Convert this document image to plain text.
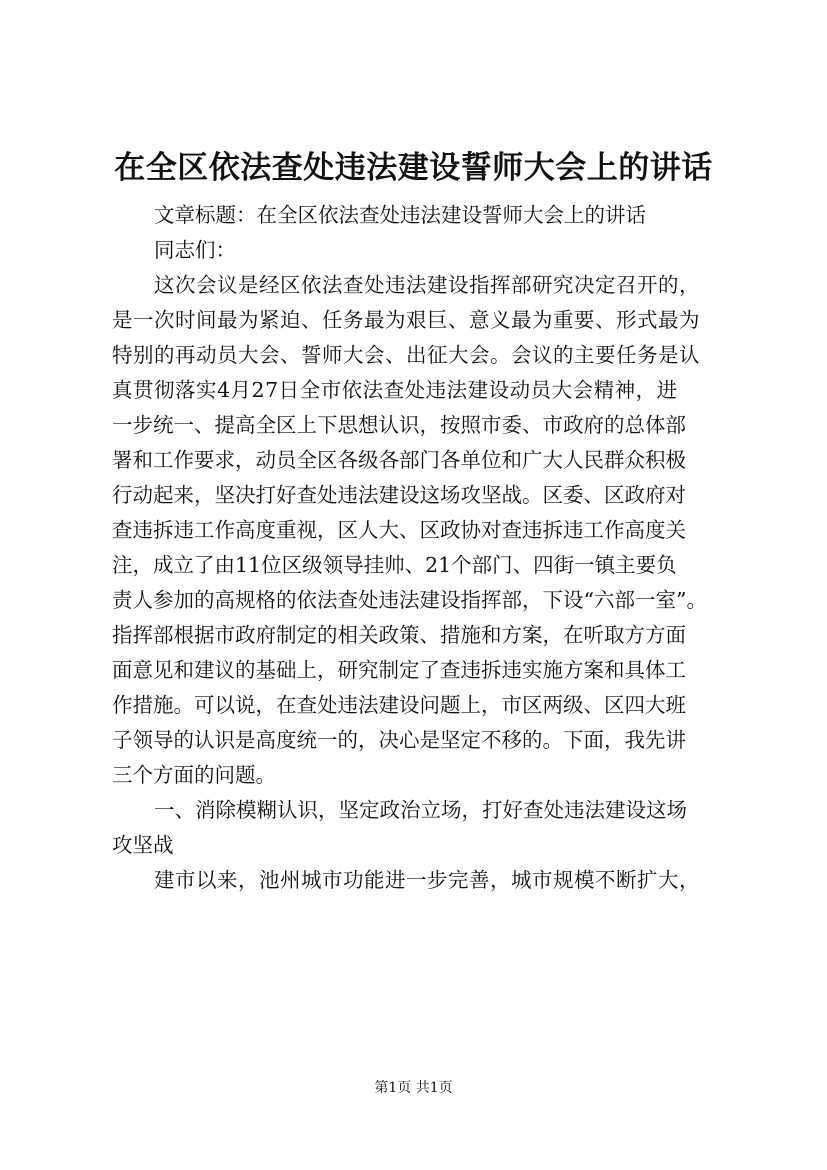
在全区依法查处违法建设誓师大会上的讲话
文章标题：在全区依法查处违法建设誓师大会上的讲话
同志们：
这次会议是经区依法查处违法建设指挥部研究决定召开的，
是一次时间最为紧迫、任务最为艰巨、意义最为重要、形式最为
特别的再动员大会、誓师大会、出征大会。会议的主要任务是认
真贯彻落实4月27日全市依法查处违法建设动员大会精神，进
一步统一、提高全区上下思想认识，按照市委、市政府的总体部
署和工作要求，动员全区各级各部门各单位和广大人民群众积极
行动起来，坚决打好查处违法建设这场攻坚战。区委、区政府对
查违拆违工作高度重视，区人大、区政协对查违拆违工作高度关
注，成立了由11位区级领导挂帅、21个部门、四街一镇主要负
责人参加的高规格的依法查处违法建设指挥部，下设“六部一室”。
指挥部根据市政府制定的相关政策、措施和方案，在听取方方面
面意见和建议的基础上，研究制定了查违拆违实施方案和具体工
作措施。可以说，在查处违法建设问题上，市区两级、区四大班
子领导的认识是高度统一的，决心是坚定不移的。下面，我先讲
三个方面的问题。
一、消除模糊认识，坚定政治立场，打好查处违法建设这场
攻坚战
建市以来，池州城市功能进一步完善，城市规模不断扩大，
第1页 共1页
